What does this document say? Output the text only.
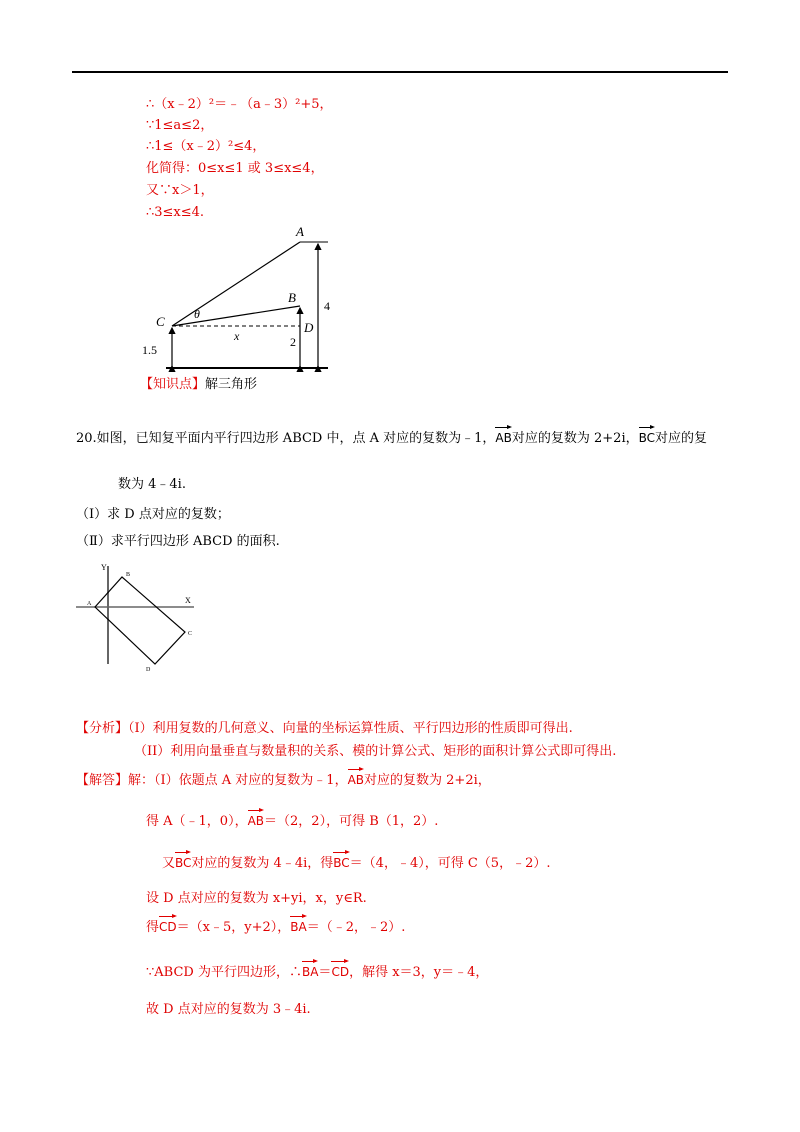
∴（x﹣2）²＝﹣（a﹣3）²+5，
∵1≤a≤2，
∴1≤（x﹣2）²≤4，
化简得：0≤x≤1 或 3≤x≤4，
又∵x＞1，
∴3≤x≤4.
A
B
C	D
θ
x
4
2
1.5
【知识点】解三角形
20.如图，已知复平面内平行四边形 ABCD 中，点 A 对应的复数为﹣1，AB对应的复数为 2+2i，BC对应的复
数为 4﹣4i.
（Ⅰ）求 D 点对应的复数；
（Ⅱ）求平行四边形 ABCD 的面积.
Y
X
A
B
C
D
【分析】（I）利用复数的几何意义、向量的坐标运算性质、平行四边形的性质即可得出.
（II）利用向量垂直与数量积的关系、模的计算公式、矩形的面积计算公式即可得出.
【解答】解：（Ⅰ）依题点 A 对应的复数为﹣1，AB对应的复数为 2+2i，
得 A（﹣1，0），AB＝（2，2），可得 B（1，2）.
又BC对应的复数为 4﹣4i，得BC＝（4，﹣4），可得 C（5，﹣2）.
设 D 点对应的复数为 x+yi，x，y∈R.
得CD＝（x﹣5，y+2），BA＝（﹣2，﹣2）.
∵ABCD 为平行四边形，∴BA＝CD，解得 x＝3，y＝﹣4，
故 D 点对应的复数为 3﹣4i.
